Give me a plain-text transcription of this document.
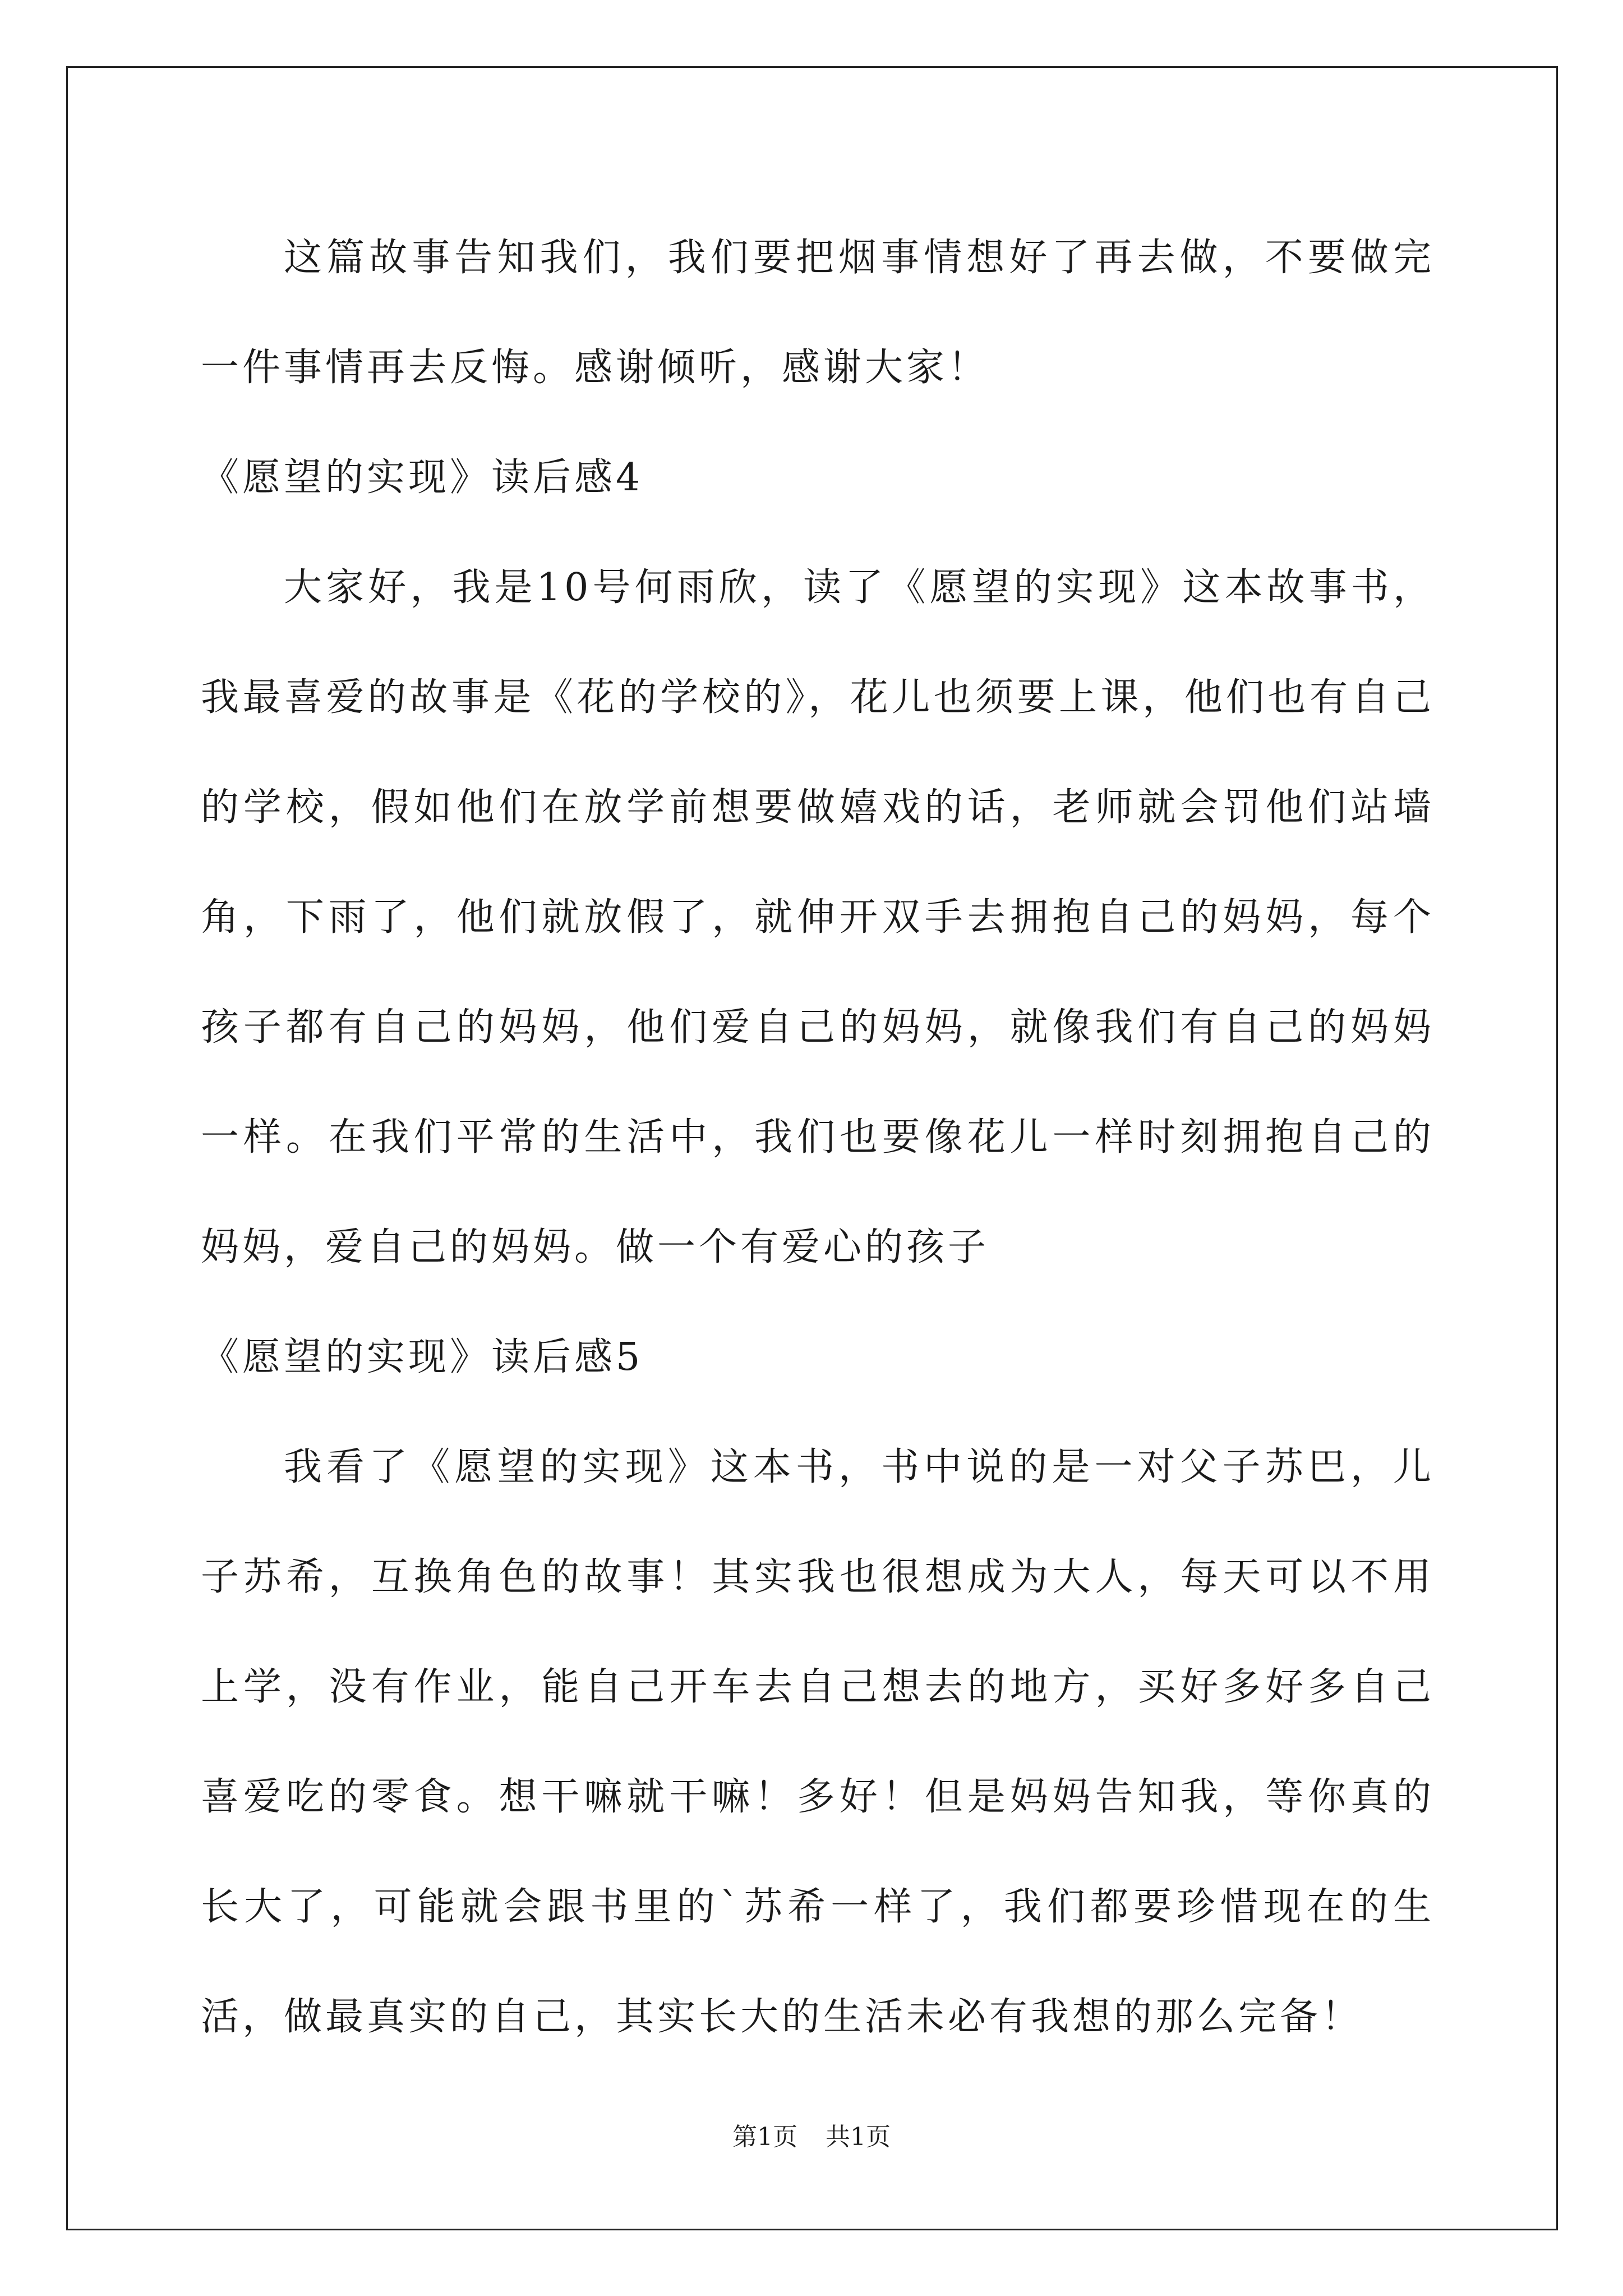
这篇故事告知我们，我们要把烟事情想好了再去做，不要做完一件事情再去反悔。感谢倾听，感谢大家！

《愿望的实现》读后感4

大家好，我是10号何雨欣，读了《愿望的实现》这本故事书，我最喜爱的故事是《花的学校的》，花儿也须要上课，他们也有自己的学校，假如他们在放学前想要做嬉戏的话，老师就会罚他们站墙角，下雨了，他们就放假了，就伸开双手去拥抱自己的妈妈，每个孩子都有自己的妈妈，他们爱自己的妈妈，就像我们有自己的妈妈一样。在我们平常的生活中，我们也要像花儿一样时刻拥抱自己的妈妈，爱自己的妈妈。做一个有爱心的孩子

《愿望的实现》读后感5

我看了《愿望的实现》这本书，书中说的是一对父子苏巴，儿子苏希，互换角色的故事！其实我也很想成为大人，每天可以不用上学，没有作业，能自己开车去自己想去的地方，买好多好多自己喜爱吃的零食。想干嘛就干嘛！多好！但是妈妈告知我，等你真的长大了，可能就会跟书里的`苏希一样了，我们都要珍惜现在的生活，做最真实的自己，其实长大的生活未必有我想的那么完备！

第1页 共1页
